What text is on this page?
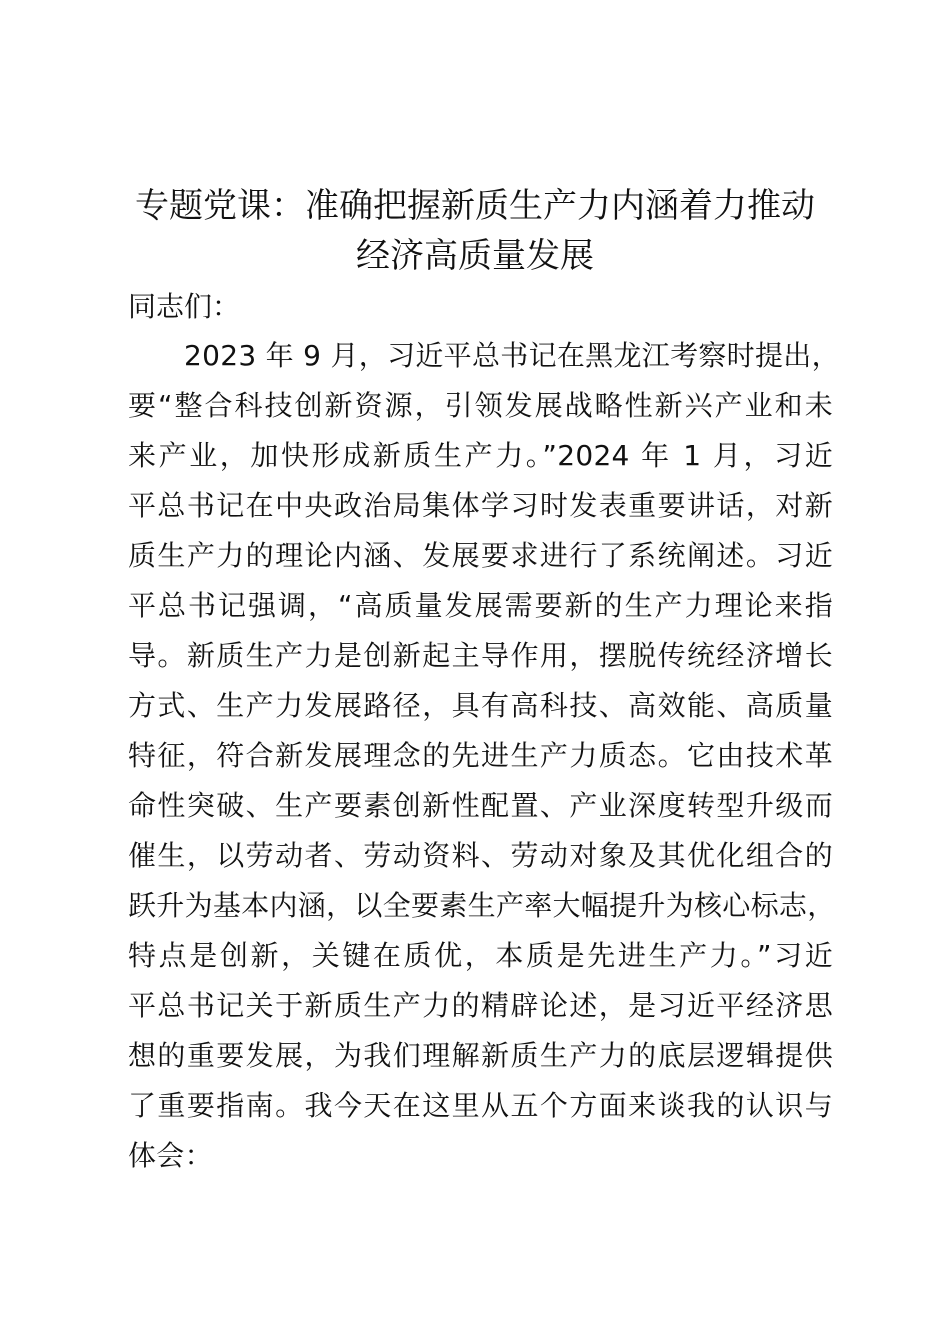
专题党课：准确把握新质生产力内涵着力推动
经济高质量发展

同志们：

2023 年 9 月，习近平总书记在黑龙江考察时提出，
要“整合科技创新资源，引领发展战略性新兴产业和未
来产业，加快形成新质生产力。”2024 年 1 月，习近
平总书记在中央政治局集体学习时发表重要讲话，对新
质生产力的理论内涵、发展要求进行了系统阐述。习近
平总书记强调，“高质量发展需要新的生产力理论来指
导。新质生产力是创新起主导作用，摆脱传统经济增长
方式、生产力发展路径，具有高科技、高效能、高质量
特征，符合新发展理念的先进生产力质态。它由技术革
命性突破、生产要素创新性配置、产业深度转型升级而
催生，以劳动者、劳动资料、劳动对象及其优化组合的
跃升为基本内涵，以全要素生产率大幅提升为核心标志，
特点是创新，关键在质优，本质是先进生产力。”习近
平总书记关于新质生产力的精辟论述，是习近平经济思
想的重要发展，为我们理解新质生产力的底层逻辑提供
了重要指南。我今天在这里从五个方面来谈我的认识与
体会：
